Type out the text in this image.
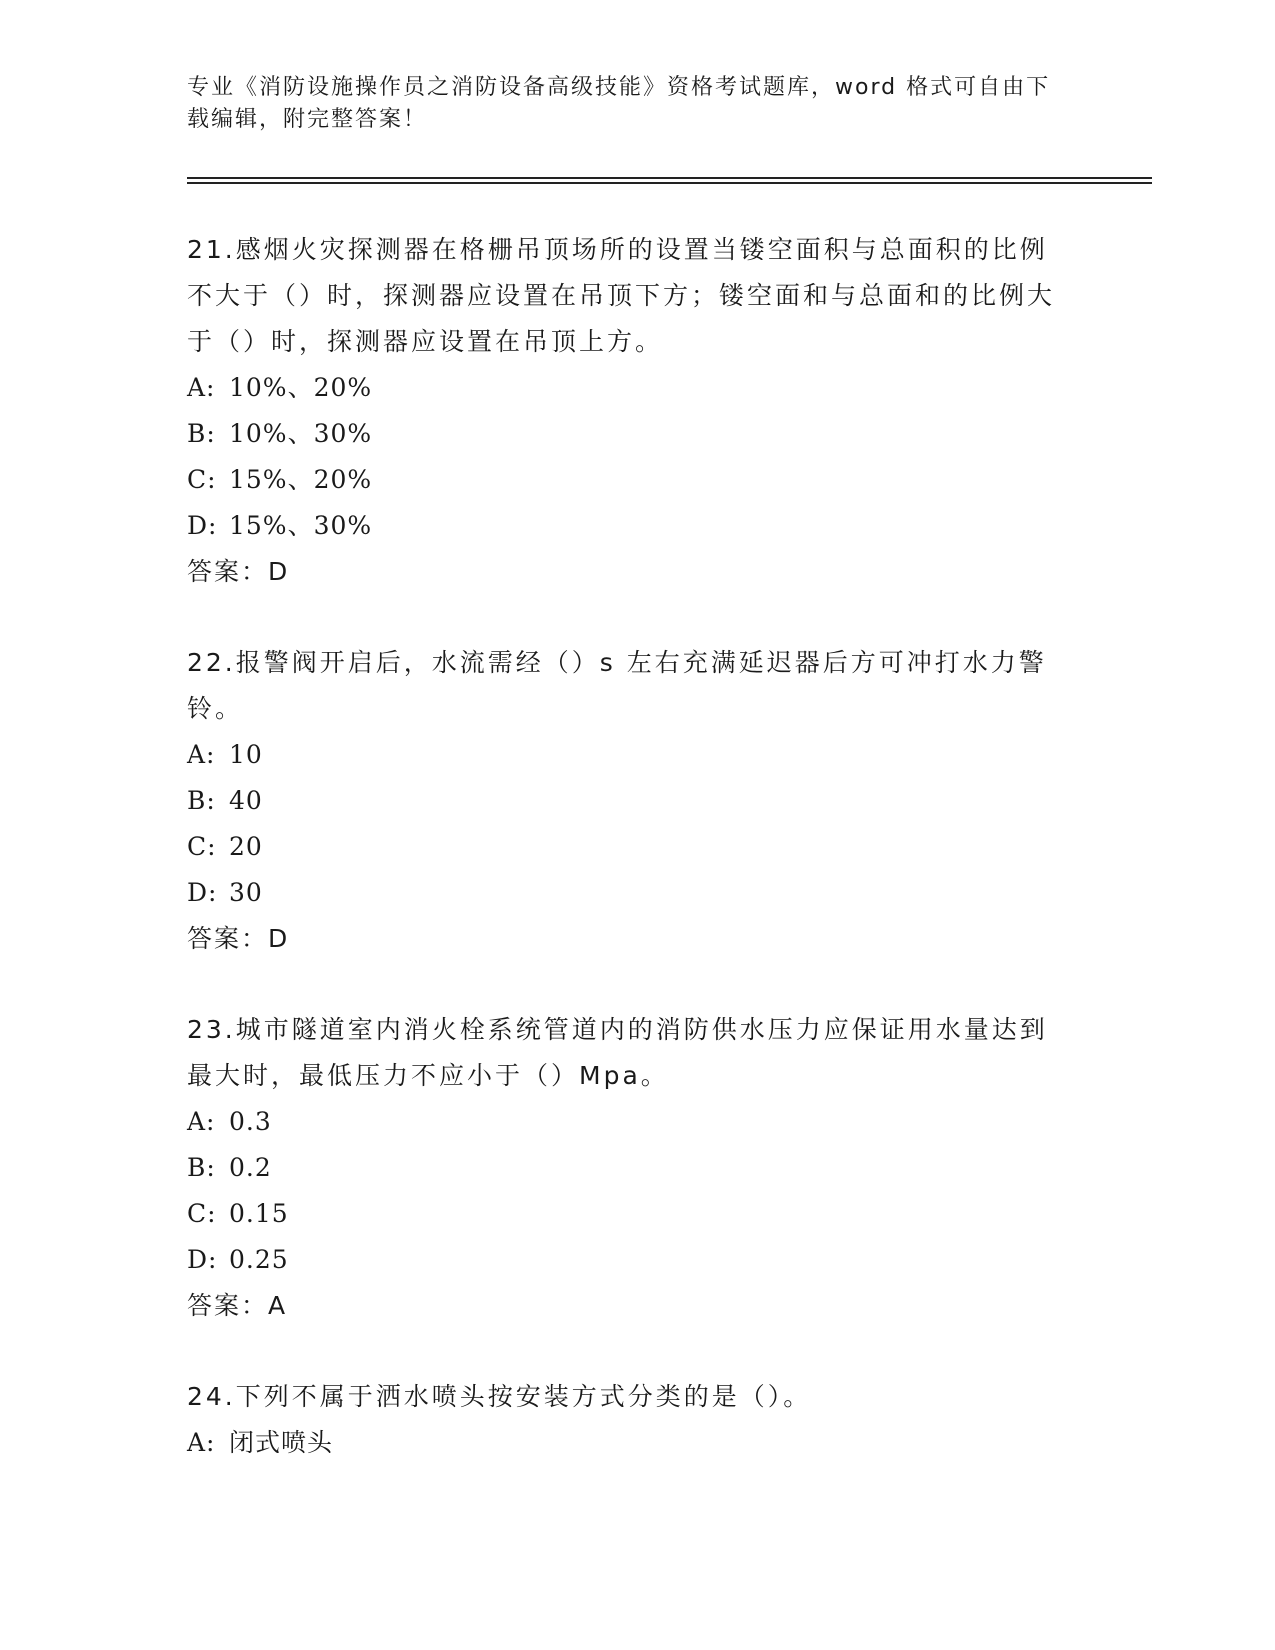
专业《消防设施操作员之消防设备高级技能》资格考试题库，word 格式可自由下载编辑，附完整答案！

21.感烟火灾探测器在格栅吊顶场所的设置当镂空面积与总面积的比例不大于（）时，探测器应设置在吊顶下方；镂空面和与总面和的比例大于（）时，探测器应设置在吊顶上方。

A: 10%、20%

B: 10%、30%

C: 15%、20%

D: 15%、30%

答案：D

22.报警阀开启后，水流需经（）s 左右充满延迟器后方可冲打水力警铃。

A: 10

B: 40

C: 20

D: 30

答案：D

23.城市隧道室内消火栓系统管道内的消防供水压力应保证用水量达到最大时，最低压力不应小于（）Mpa。

A: 0.3

B: 0.2

C: 0.15

D: 0.25

答案：A

24.下列不属于洒水喷头按安装方式分类的是（）。

A: 闭式喷头
